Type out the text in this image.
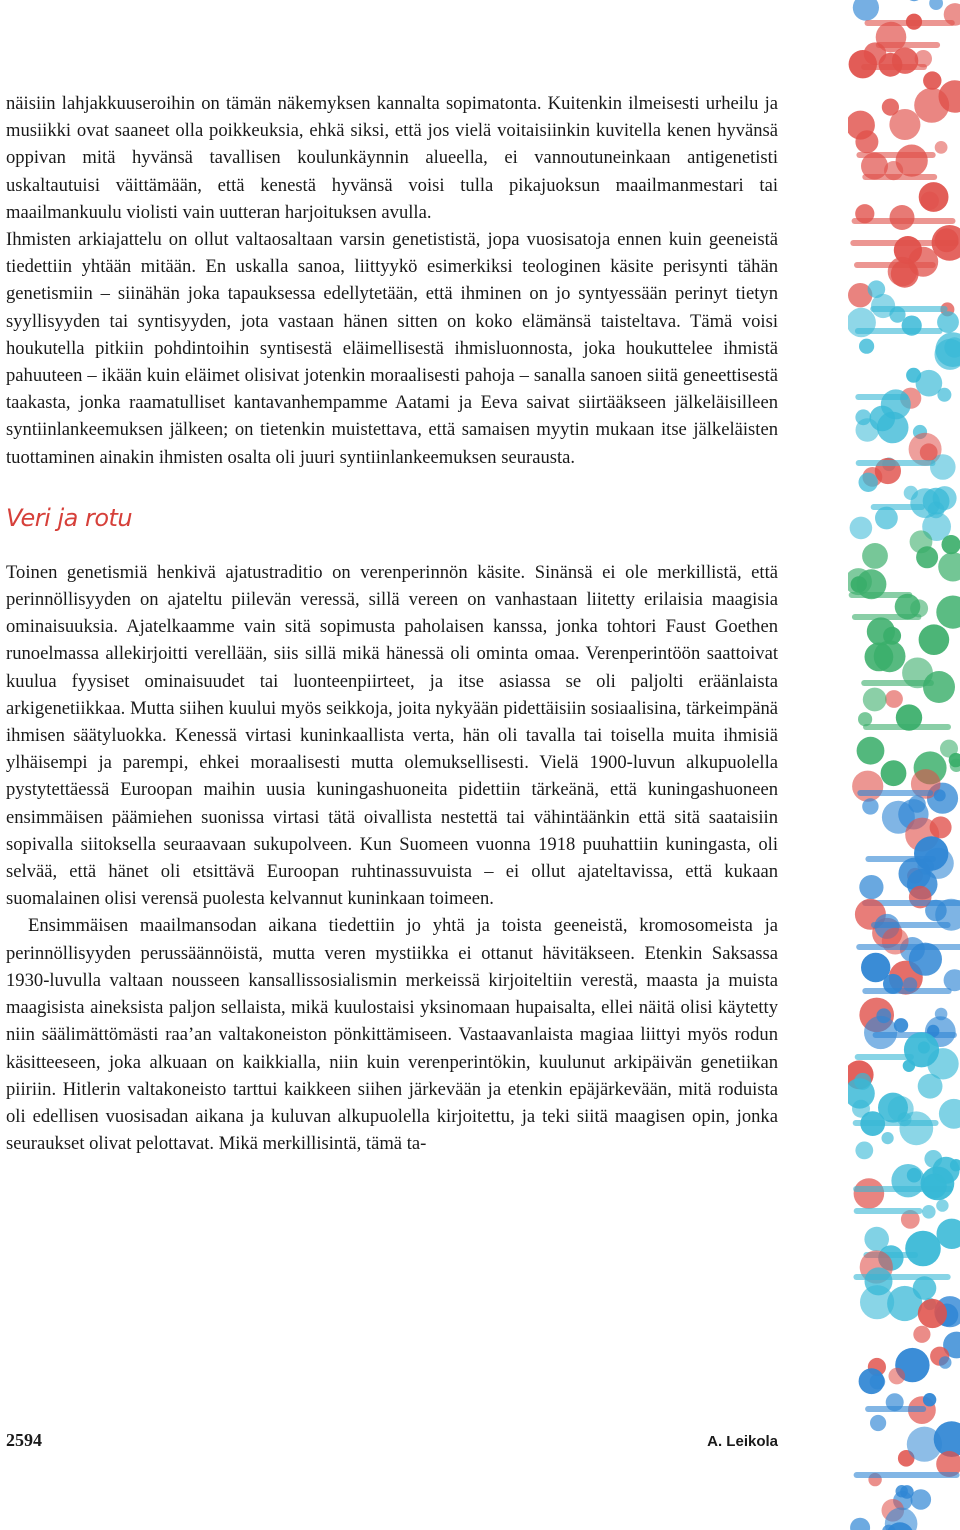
näisiin lahjakkuuseroihin on tämän näkemyksen kannalta sopimatonta. Kuitenkin ilmeisesti urheilu ja musiikki ovat saaneet olla poikkeuksia, ehkä siksi, että jos vielä voitaisiinkin kuvitella kenen hyvänsä oppivan mitä hyvänsä tavallisen koulunkäynnin alueella, ei vannoutuneinkaan antigenetisti uskaltautuisi väittämään, että kenestä hyvänsä voisi tulla pikajuoksun maailmanmestari tai maailmankuulu violisti vain uutteran harjoituksen avulla.

Ihmisten arkiajattelu on ollut valtaosaltaan varsin genetististä, jopa vuosisatoja ennen kuin geeneistä tiedettiin yhtään mitään. En uskalla sanoa, liittyykö esimerkiksi teologinen käsite perisynti tähän genetismiin – siinähän joka tapauksessa edellytetään, että ihminen on jo syntyessään perinyt tietyn syyllisyyden tai syntisyyden, jota vastaan hänen sitten on koko elämänsä taisteltava. Tämä voisi houkutella pitkiin pohdintoihin syntisestä eläimellisestä ihmisluonnosta, joka houkuttelee ihmistä pahuuteen – ikään kuin eläimet olisivat jotenkin moraalisesti pahoja – sanalla sanoen siitä geneettisestä taakasta, jonka raamatulliset kantavanhempamme Aatami ja Eeva saivat siirtääkseen jälkeläisilleen syntiinlankeemuksen jälkeen; on tietenkin muistettava, että samaisen myytin mukaan itse jälkeläisten tuottaminen ainakin ihmisten osalta oli juuri syntiinlankeemuksen seurausta.

Veri ja rotu

Toinen genetismiä henkivä ajatustraditio on verenperinnön käsite. Sinänsä ei ole merkillistä, että perinnöllisyyden on ajateltu piilevän veressä, sillä vereen on vanhastaan liitetty erilaisia maagisia ominaisuuksia. Ajatelkaamme vain sitä sopimusta paholaisen kanssa, jonka tohtori Faust Goethen runoelmassa allekirjoitti verellään, siis sillä mikä hänessä oli ominta omaa. Verenperintöön saattoivat kuulua fyysiset ominaisuudet tai luonteenpiirteet, ja itse asiassa se oli paljolti eräänlaista arkigenetiikkaa. Mutta siihen kuului myös seikkoja, joita nykyään pidettäisiin sosiaalisina, tärkeimpänä ihmisen säätyluokka. Kenessä virtasi kuninkaallista verta, hän oli tavalla tai toisella muita ihmisiä ylhäisempi ja parempi, ehkei moraalisesti mutta olemuksellisesti. Vielä 1900-luvun alkupuolella pystytettäessä Euroopan maihin uusia kuningashuoneita pidettiin tärkeänä, että kuningashuoneen ensimmäisen päämiehen suonissa virtasi tätä oivallista nestettä tai vähintäänkin että sitä saataisiin sopivalla siitoksella seuraavaan sukupolveen. Kun Suomeen vuonna 1918 puuhattiin kuningasta, oli selvää, että hänet oli etsittävä Euroopan ruhtinassuvuista – ei ollut ajateltavissa, että kukaan suomalainen olisi verensä puolesta kelvannut kuninkaan toimeen.

Ensimmäisen maailmansodan aikana tiedettiin jo yhtä ja toista geeneistä, kromosomeista ja perinnöllisyyden perussäännöistä, mutta veren mystiikka ei ottanut hävitäkseen. Etenkin Saksassa 1930-luvulla valtaan nousseen kansallissosialismin merkeissä kirjoiteltiin verestä, maasta ja muista maagisista aineksista paljon sellaista, mikä kuulostaisi yksinomaan hupaisalta, ellei näitä olisi käytetty niin säälimättömästi raa’an valtakoneiston pönkittämiseen. Vastaavanlaista magiaa liittyi myös rodun käsitteeseen, joka alkuaan on kaikkialla, niin kuin verenperintökin, kuulunut arkipäivän genetiikan piiriin. Hitlerin valtakoneisto tarttui kaikkeen siihen järkevään ja etenkin epäjärkevään, mitä roduista oli edellisen vuosisadan aikana ja kuluvan alkupuolella kirjoitettu, ja teki siitä maagisen opin, jonka seuraukset olivat pelottavat. Mikä merkillisintä, tämä ta-

2594	A. Leikola
